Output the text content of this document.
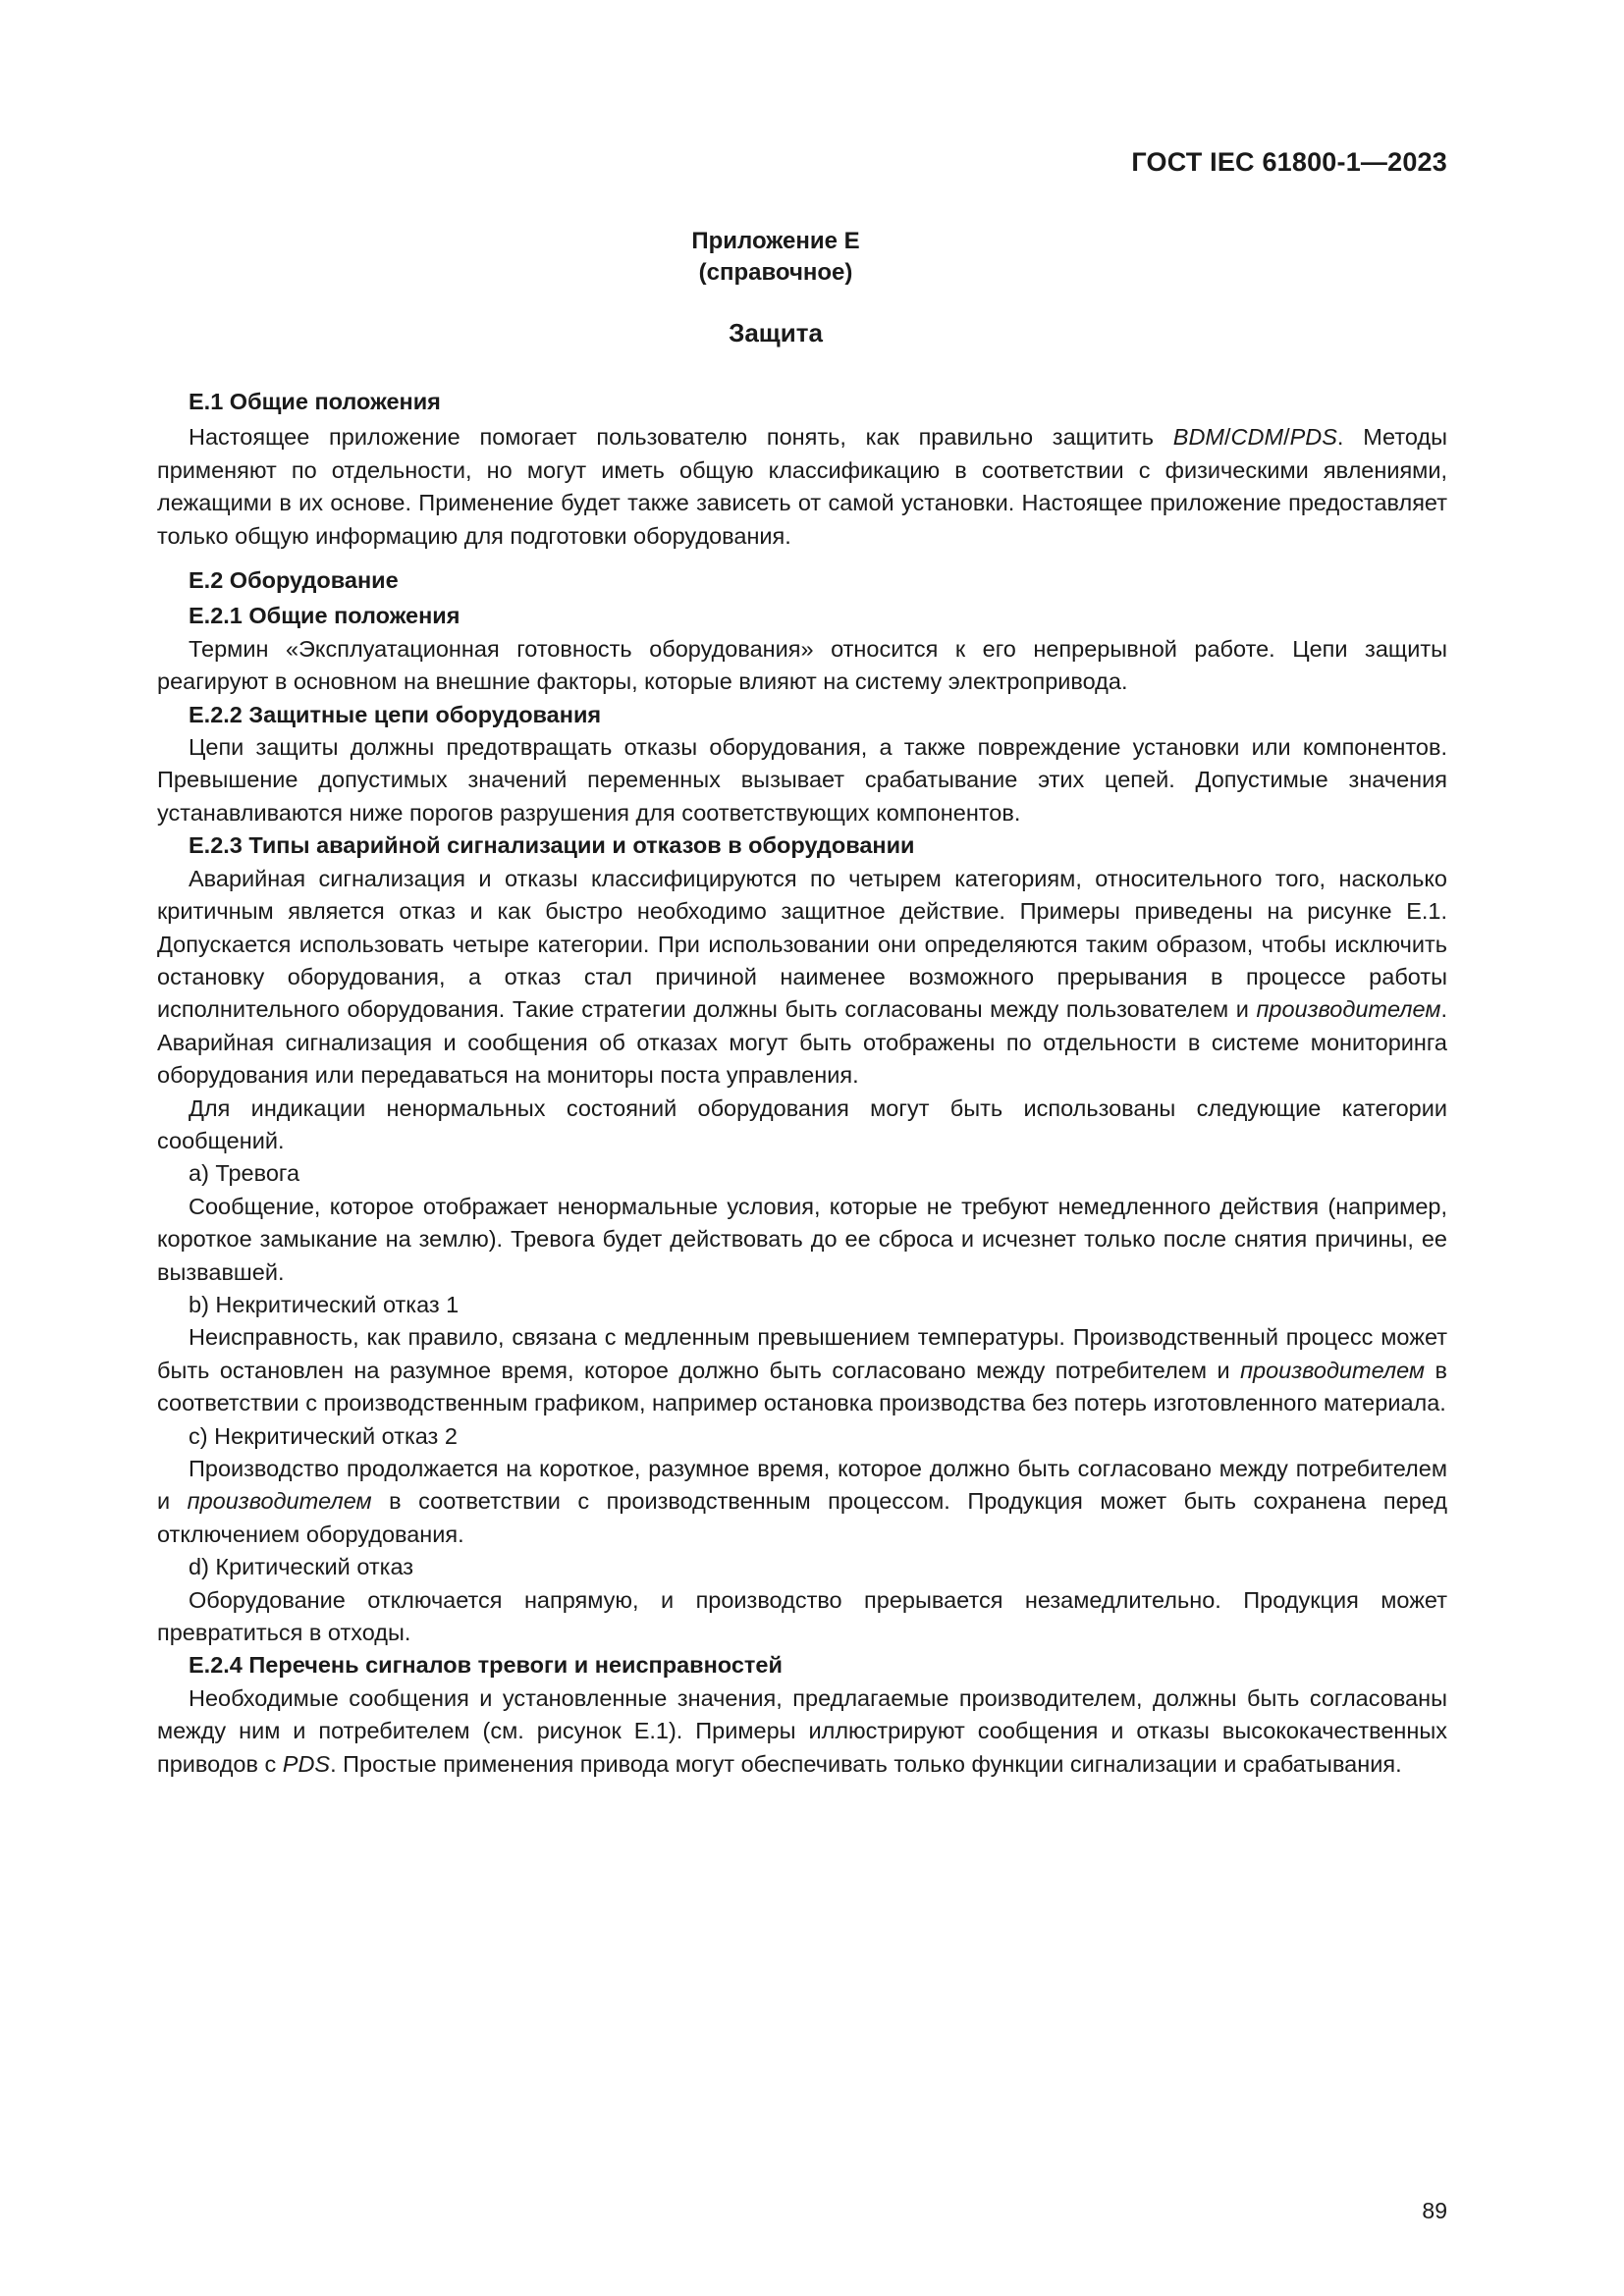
ГОСТ IEC 61800-1—2023
Приложение Е
(справочное)
Защита
Е.1 Общие положения

Настоящее приложение помогает пользователю понять, как правильно защитить BDM/CDM/PDS. Методы применяют по отдельности, но могут иметь общую классификацию в соответствии с физическими явлениями, лежащими в их основе. Применение будет также зависеть от самой установки. Настоящее приложение предоставляет только общую информацию для подготовки оборудования.

Е.2 Оборудование
Е.2.1 Общие положения

Термин «Эксплуатационная готовность оборудования» относится к его непрерывной работе. Цепи защиты реагируют в основном на внешние факторы, которые влияют на систему электропривода.

Е.2.2 Защитные цепи оборудования

Цепи защиты должны предотвращать отказы оборудования, а также повреждение установки или компонентов. Превышение допустимых значений переменных вызывает срабатывание этих цепей. Допустимые значения устанавливаются ниже порогов разрушения для соответствующих компонентов.

Е.2.3 Типы аварийной сигнализации и отказов в оборудовании

Аварийная сигнализация и отказы классифицируются по четырем категориям, относительного того, насколько критичным является отказ и как быстро необходимо защитное действие. Примеры приведены на рисунке Е.1. Допускается использовать четыре категории. При использовании они определяются таким образом, чтобы исключить остановку оборудования, а отказ стал причиной наименее возможного прерывания в процессе работы исполнительного оборудования. Такие стратегии должны быть согласованы между пользователем и производителем. Аварийная сигнализация и сообщения об отказах могут быть отображены по отдельности в системе мониторинга оборудования или передаваться на мониторы поста управления.

Для индикации ненормальных состояний оборудования могут быть использованы следующие категории сообщений.

a) Тревога

Сообщение, которое отображает ненормальные условия, которые не требуют немедленного действия (например, короткое замыкание на землю). Тревога будет действовать до ее сброса и исчезнет только после снятия причины, ее вызвавшей.

b) Некритический отказ 1

Неисправность, как правило, связана с медленным превышением температуры. Производственный процесс может быть остановлен на разумное время, которое должно быть согласовано между потребителем и производителем в соответствии с производственным графиком, например остановка производства без потерь изготовленного материала.

c) Некритический отказ 2

Производство продолжается на короткое, разумное время, которое должно быть согласовано между потребителем и производителем в соответствии с производственным процессом. Продукция может быть сохранена перед отключением оборудования.

d) Критический отказ

Оборудование отключается напрямую, и производство прерывается незамедлительно. Продукция может превратиться в отходы.

Е.2.4 Перечень сигналов тревоги и неисправностей

Необходимые сообщения и установленные значения, предлагаемые производителем, должны быть согласованы между ним и потребителем (см. рисунок Е.1). Примеры иллюстрируют сообщения и отказы высококачественных приводов с PDS. Простые применения привода могут обеспечивать только функции сигнализации и срабатывания.

89
